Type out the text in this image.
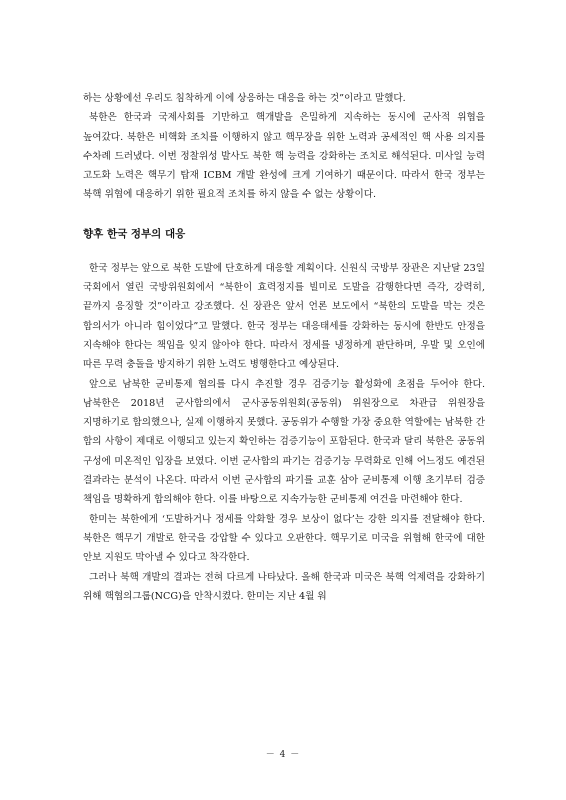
하는 상황에선 우리도 침착하게 이에 상응하는 대응을 하는 것”이라고 말했다.

북한은 한국과 국제사회를 기만하고 핵개발을 은밀하게 지속하는 동시에 군사적 위협을 높여갔다. 북한은 비핵화 조치를 이행하지 않고 핵무장을 위한 노력과 공세적인 핵 사용 의지를 수차례 드러냈다. 이번 정찰위성 발사도 북한 핵 능력을 강화하는 조치로 해석된다. 미사일 능력 고도화 노력은 핵무기 탑재 ICBM 개발 완성에 크게 기여하기 때문이다. 따라서 한국 정부는 북핵 위협에 대응하기 위한 필요적 조치를 하지 않을 수 없는 상황이다.

향후 한국 정부의 대응

한국 정부는 앞으로 북한 도발에 단호하게 대응할 계획이다. 신원식 국방부 장관은 지난달 23일 국회에서 열린 국방위원회에서 “북한이 효력정지를 빌미로 도발을 감행한다면 즉각, 강력히, 끝까지 응징할 것”이라고 강조했다. 신 장관은 앞서 언론 보도에서 “북한의 도발을 막는 것은 합의서가 아니라 힘이었다”고 말했다. 한국 정부는 대응태세를 강화하는 동시에 한반도 안정을 지속해야 한다는 책임을 잊지 않아야 한다. 따라서 정세를 냉정하게 판단하며, 우발 및 오인에 따른 무력 충돌을 방지하기 위한 노력도 병행한다고 예상된다.

앞으로 남북한 군비통제 협의를 다시 추진할 경우 검증기능 활성화에 초점을 두어야 한다. 남북한은 2018년 군사합의에서 군사공동위원회(공동위) 위원장으로 차관급 위원장을 지명하기로 합의했으나, 실제 이행하지 못했다. 공동위가 수행할 가장 중요한 역할에는 남북한 간 합의 사항이 제대로 이행되고 있는지 확인하는 검증기능이 포함된다. 한국과 달리 북한은 공동위 구성에 미온적인 입장을 보였다. 이번 군사합의 파기는 검증기능 무력화로 인해 어느정도 예견된 결과라는 분석이 나온다. 따라서 이번 군사합의 파기를 교훈 삼아 군비통제 이행 초기부터 검증 책임을 명확하게 합의해야 한다. 이를 바탕으로 지속가능한 군비통제 여건을 마련해야 한다.

한미는 북한에게 ‘도발하거나 정세를 악화할 경우 보상이 없다’는 강한 의지를 전달해야 한다. 북한은 핵무기 개발로 한국을 강압할 수 있다고 오판한다. 핵무기로 미국을 위협해 한국에 대한 안보 지원도 막아낼 수 있다고 착각한다.

그러나 북핵 개발의 결과는 전혀 다르게 나타났다. 올해 한국과 미국은 북핵 억제력을 강화하기 위해 핵협의그룹(NCG)을 안착시켰다. 한미는 지난 4월 워

－ 4 －
